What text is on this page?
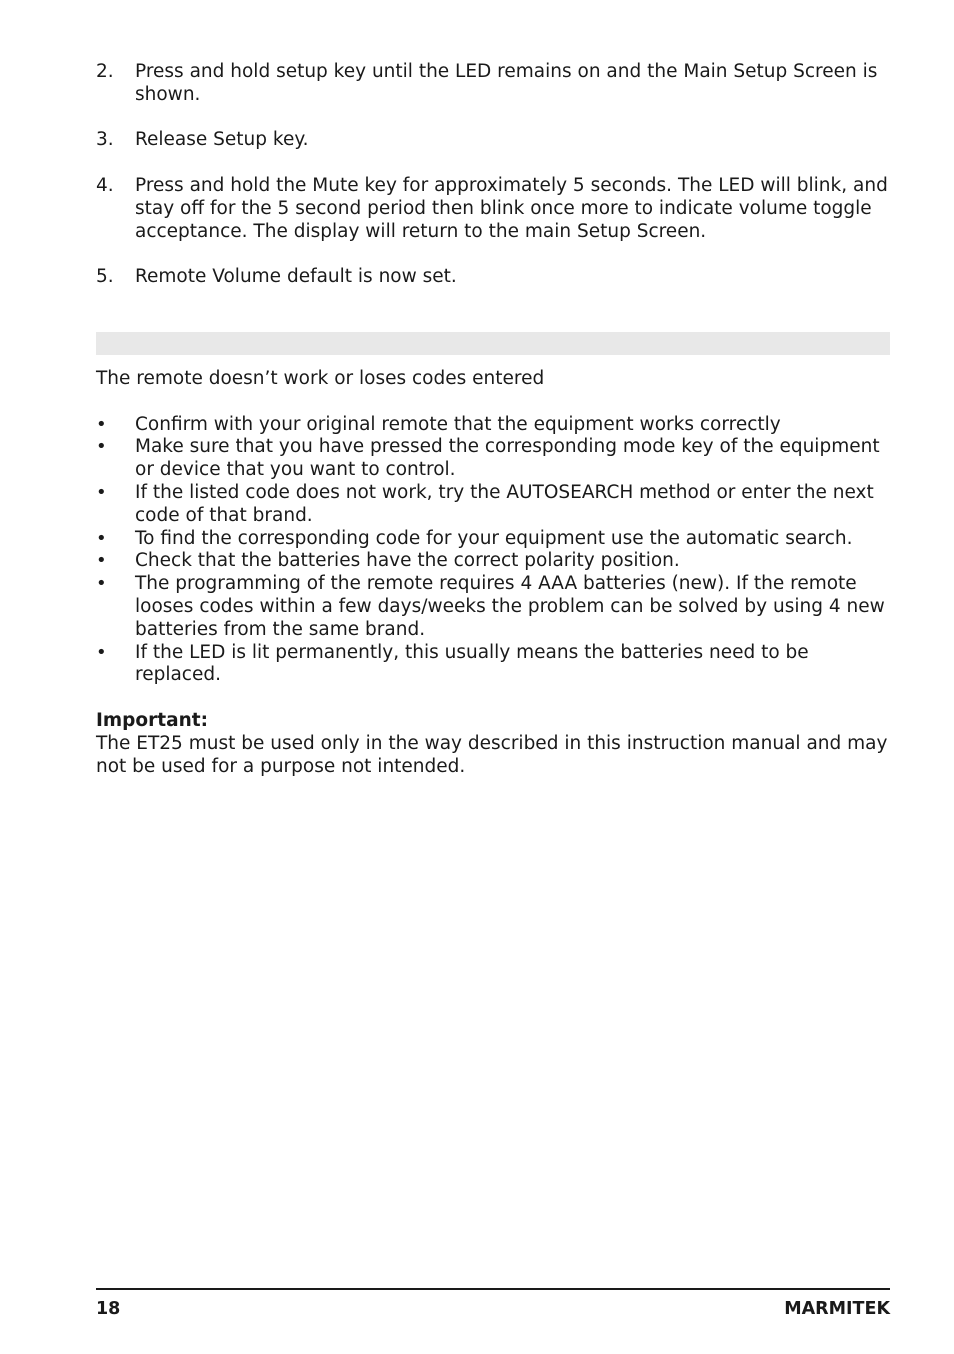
2.	Press and hold setup key until the LED remains on and the Main Setup Screen is shown.
3.	Release Setup key.
4.	Press and hold the Mute key for approximately 5 seconds. The LED will blink, and stay off for the 5 second period then blink once more to indicate volume toggle acceptance. The display will return to the main Setup Screen.
5.	Remote Volume default is now set.

The remote doesn’t work or loses codes entered

•	Confirm with your original remote that the equipment works correctly
•	Make sure that you have pressed the corresponding mode key of the equipment or device that you want to control.
•	If the listed code does not work, try the AUTOSEARCH method or enter the next code of that brand.
•	To find the corresponding code for your equipment use the automatic search.
•	Check that the batteries have the correct polarity position.
•	The programming of the remote requires 4 AAA batteries (new). If the remote looses codes within a few days/weeks the problem can be solved by using 4 new batteries from the same brand.
•	If the LED is lit permanently, this usually means the batteries need to be replaced.
Important:

The ET25 must be used only in the way described in this instruction manual and may not be used for a purpose not intended.

18	MARMITEK
